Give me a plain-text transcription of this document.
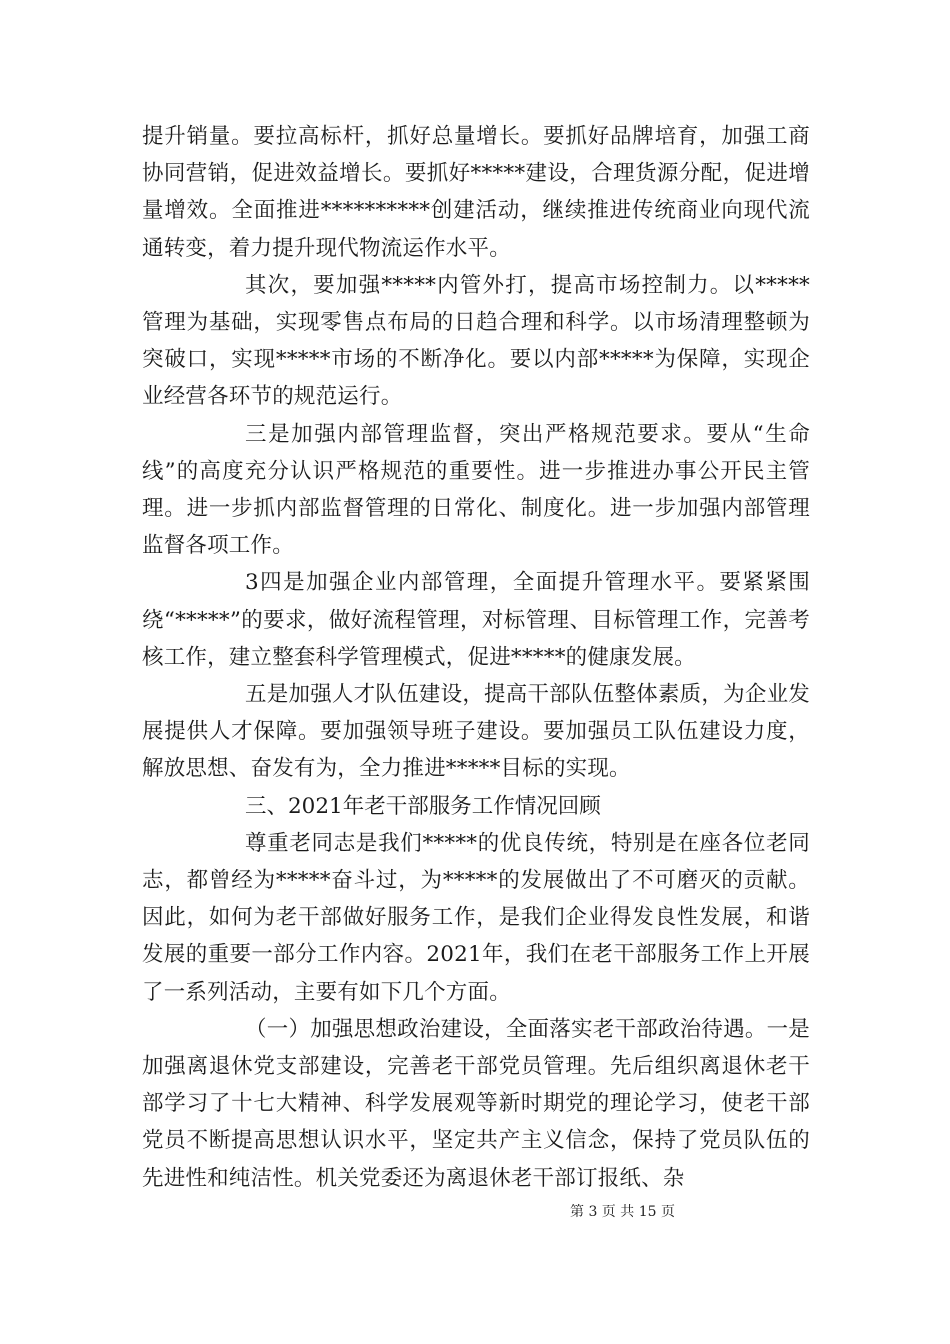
提升销量。要拉高标杆，抓好总量增长。要抓好品牌培育，加强工商协同营销，促进效益增长。要抓好*****建设，合理货源分配，促进增量增效。全面推进**********创建活动，继续推进传统商业向现代流通转变，着力提升现代物流运作水平。

其次，要加强*****内管外打，提高市场控制力。以*****管理为基础，实现零售点布局的日趋合理和科学。以市场清理整顿为突破口，实现*****市场的不断净化。要以内部*****为保障，实现企业经营各环节的规范运行。

三是加强内部管理监督，突出严格规范要求。要从“生命线”的高度充分认识严格规范的重要性。进一步推进办事公开民主管理。进一步抓内部监督管理的日常化、制度化。进一步加强内部管理监督各项工作。

3四是加强企业内部管理，全面提升管理水平。要紧紧围绕“*****”的要求，做好流程管理，对标管理、目标管理工作，完善考核工作，建立整套科学管理模式，促进*****的健康发展。

五是加强人才队伍建设，提高干部队伍整体素质，为企业发展提供人才保障。要加强领导班子建设。要加强员工队伍建设力度，解放思想、奋发有为，全力推进*****目标的实现。

三、2021年老干部服务工作情况回顾

尊重老同志是我们*****的优良传统，特别是在座各位老同志，都曾经为*****奋斗过，为*****的发展做出了不可磨灭的贡献。因此，如何为老干部做好服务工作，是我们企业得发良性发展，和谐发展的重要一部分工作内容。2021年，我们在老干部服务工作上开展了一系列活动，主要有如下几个方面。

（一）加强思想政治建设，全面落实老干部政治待遇。一是加强离退休党支部建设，完善老干部党员管理。先后组织离退休老干部学习了十七大精神、科学发展观等新时期党的理论学习，使老干部党员不断提高思想认识水平，坚定共产主义信念，保持了党员队伍的先进性和纯洁性。机关党委还为离退休老干部订报纸、杂

第 3 页 共 15 页
